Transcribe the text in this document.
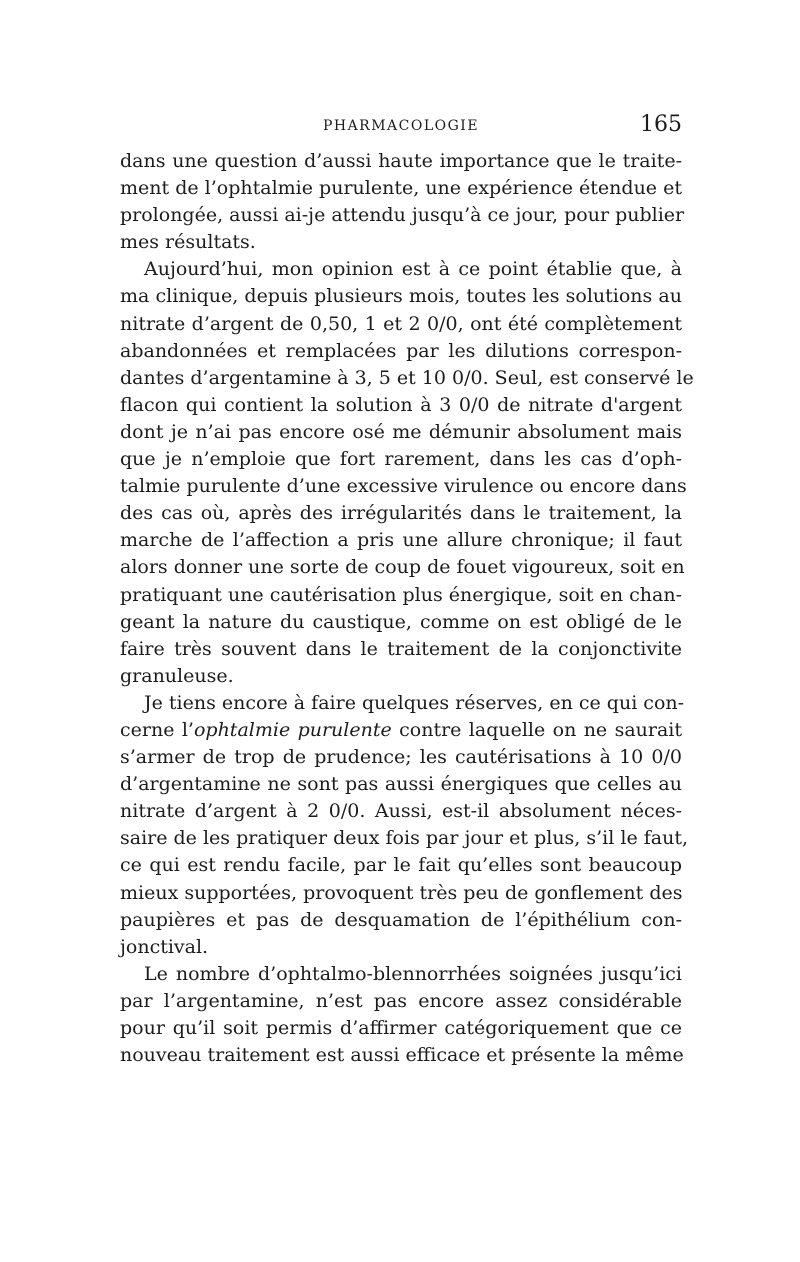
PHARMACOLOGIE	165
dans une question d’aussi haute importance que le traite-
ment de l’ophtalmie purulente, une expérience étendue et
prolongée, aussi ai-je attendu jusqu’à ce jour, pour publier
mes résultats.
Aujourd’hui, mon opinion est à ce point établie que, à
ma clinique, depuis plusieurs mois, toutes les solutions au
nitrate d’argent de 0,50, 1 et 2 0/0, ont été complètement
abandonnées et remplacées par les dilutions correspon-
dantes d’argentamine à 3, 5 et 10 0/0. Seul, est conservé le
flacon qui contient la solution à 3 0/0 de nitrate d'argent
dont je n’ai pas encore osé me démunir absolument mais
que je n’emploie que fort rarement, dans les cas d’oph-
talmie purulente d’une excessive virulence ou encore dans
des cas où, après des irrégularités dans le traitement, la
marche de l’affection a pris une allure chronique; il faut
alors donner une sorte de coup de fouet vigoureux, soit en
pratiquant une cautérisation plus énergique, soit en chan-
geant la nature du caustique, comme on est obligé de le
faire très souvent dans le traitement de la conjonctivite
granuleuse.
Je tiens encore à faire quelques réserves, en ce qui con-
cerne l’ophtalmie purulente contre laquelle on ne saurait
s’armer de trop de prudence; les cautérisations à 10 0/0
d’argentamine ne sont pas aussi énergiques que celles au
nitrate d’argent à 2 0/0. Aussi, est-il absolument néces-
saire de les pratiquer deux fois par jour et plus, s’il le faut,
ce qui est rendu facile, par le fait qu’elles sont beaucoup
mieux supportées, provoquent très peu de gonflement des
paupières et pas de desquamation de l’épithélium con-
jonctival.
Le nombre d’ophtalmo-blennorrhées soignées jusqu’ici
par l’argentamine, n’est pas encore assez considérable
pour qu’il soit permis d’affirmer catégoriquement que ce
nouveau traitement est aussi efficace et présente la même
